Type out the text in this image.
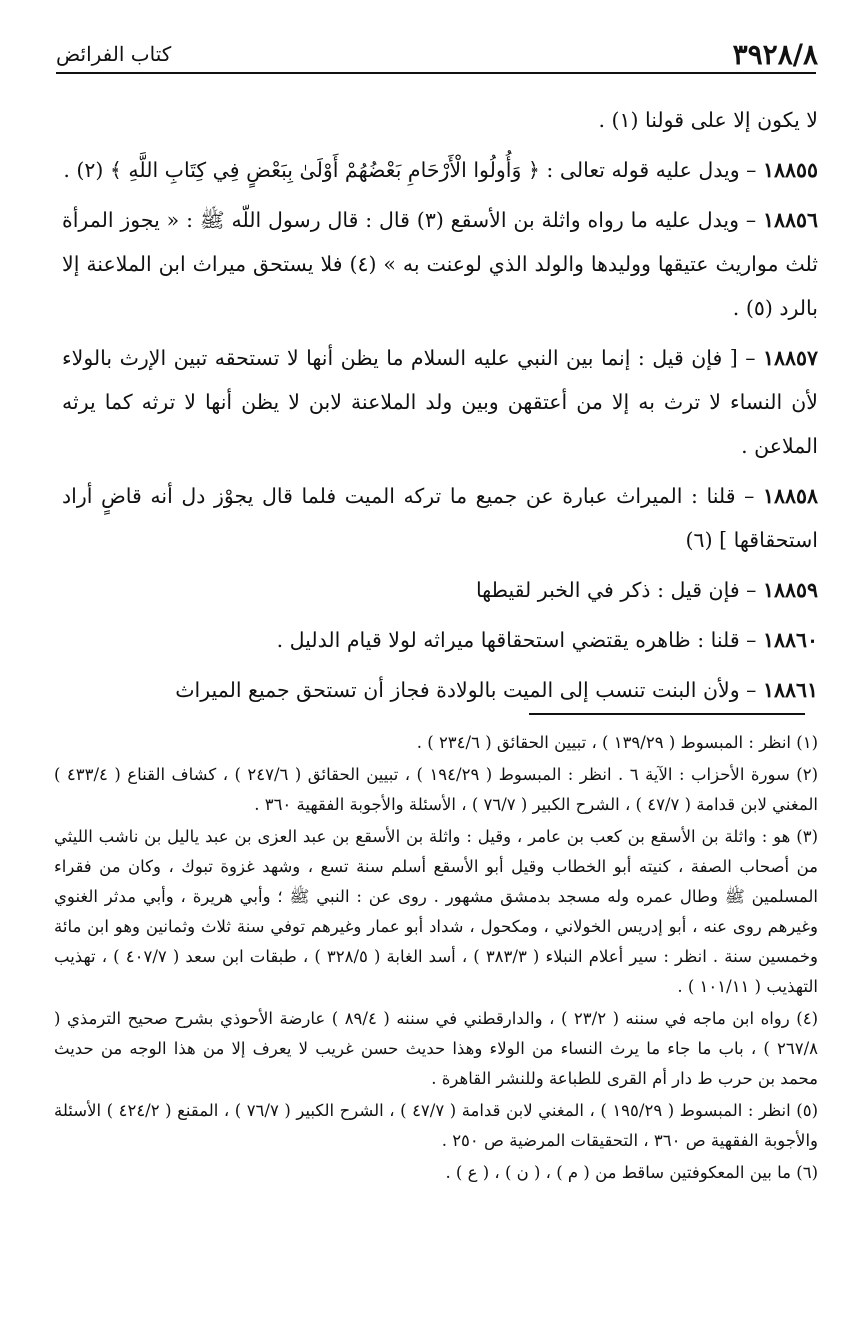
٣٩٢٨/٨
كتاب الفرائض

لا يكون إلا على قولنا (١) .

١٨٨٥٥ – ويدل عليه قوله تعالى : ﴿ وَأُولُوا الْأَرْحَامِ بَعْضُهُمْ أَوْلَىٰ بِبَعْضٍ فِي كِتَابِ اللَّهِ ﴾ (٢) .

١٨٨٥٦ – ويدل عليه ما رواه واثلة بن الأسقع (٣) قال : قال رسول اللّه ﷺ : « يجوز المرأة ثلث مواريث عتيقها ووليدها والولد الذي لوعنت به » (٤) فلا يستحق ميراث ابن الملاعنة إلا بالرد (٥) .

١٨٨٥٧ – [ فإن قيل : إنما بين النبي عليه السلام ما يظن أنها لا تستحقه تبين الإرث بالولاء لأن النساء لا ترث به إلا من أعتقهن وبين ولد الملاعنة لابن لا يظن أنها لا ترثه كما يرثه الملاعن .

١٨٨٥٨ – قلنا : الميراث عبارة عن جميع ما تركه الميت فلما قال يجوْز دل أنه قاضٍ أراد استحقاقها ] (٦)

١٨٨٥٩ – فإن قيل : ذكر في الخبر لقيطها

١٨٨٦٠ – قلنا : ظاهره يقتضي استحقاقها ميراثه لولا قيام الدليل .

١٨٨٦١ – ولأن البنت تنسب إلى الميت بالولادة فجاز أن تستحق جميع الميراث

(١) انظر : المبسوط ( ١٣٩/٢٩ ) ، تبيين الحقائق ( ٢٣٤/٦ ) .

(٢) سورة الأحزاب : الآية ٦ . انظر : المبسوط ( ١٩٤/٢٩ ) ، تبيين الحقائق ( ٢٤٧/٦ ) ، كشاف القناع ( ٤٣٣/٤ ) المغني لابن قدامة ( ٤٧/٧ ) ، الشرح الكبير ( ٧٦/٧ ) ، الأسئلة والأجوبة الفقهية ٣٦٠ .

(٣) هو : واثلة بن الأسقع بن كعب بن عامر ، وقيل : واثلة بن الأسقع بن عبد العزى بن عبد ياليل بن ناشب الليثي من أصحاب الصفة ، كنيته أبو الخطاب وقيل أبو الأسقع أسلم سنة تسع ، وشهد غزوة تبوك ، وكان من فقراء المسلمين ﷺ وطال عمره وله مسجد بدمشق مشهور . روى عن : النبي ﷺ ؛ وأبي هريرة ، وأبي مدثر الغنوي وغيرهم روى عنه ، أبو إدريس الخولاني ، ومكحول ، شداد أبو عمار وغيرهم توفي سنة ثلاث وثمانين وهو ابن مائة وخمسين سنة . انظر : سير أعلام النبلاء ( ٣٨٣/٣ ) ، أسد الغابة ( ٣٢٨/٥ ) ، طبقات ابن سعد ( ٤٠٧/٧ ) ، تهذيب التهذيب ( ١٠١/١١ ) .

(٤) رواه ابن ماجه في سننه ( ٢٣/٢ ) ، والدارقطني في سننه ( ٨٩/٤ ) عارضة الأحوذي بشرح صحيح الترمذي ( ٢٦٧/٨ ) ، باب ما جاء ما يرث النساء من الولاء وهذا حديث حسن غريب لا يعرف إلا من هذا الوجه من حديث محمد بن حرب ط دار أم القرى للطباعة وللنشر القاهرة .

(٥) انظر : المبسوط ( ١٩٥/٢٩ ) ، المغني لابن قدامة ( ٤٧/٧ ) ، الشرح الكبير ( ٧٦/٧ ) ، المقنع ( ٤٢٤/٢ ) الأسئلة والأجوبة الفقهية ص ٣٦٠ ، التحقيقات المرضية ص ٢٥٠ .

(٦) ما بين المعكوفتين ساقط من ( م ) ، ( ن ) ، ( ع ) .
